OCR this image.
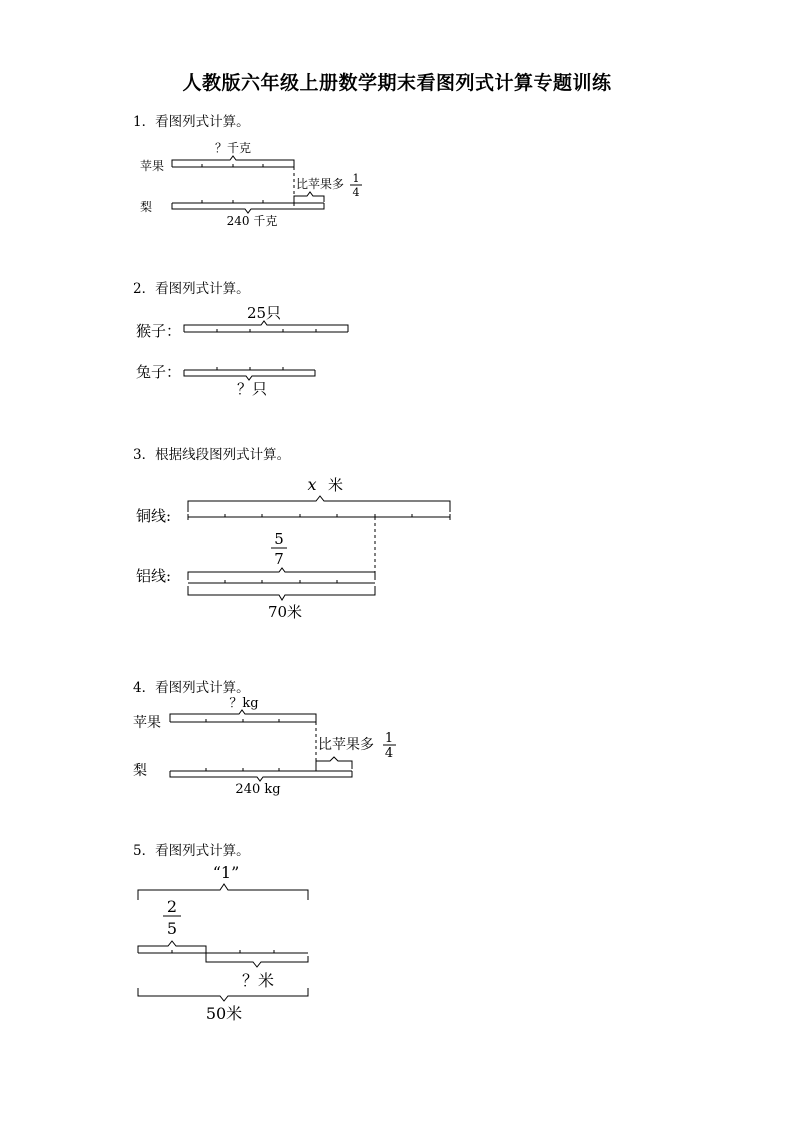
人教版六年级上册数学期末看图列式计算专题训练
1．看图列式计算。
苹果
梨
？千克
比苹果多 1
4
240 千克
2．看图列式计算。
猴子：
兔子：
25只
？只
3．根据线段图列式计算。
铜线:
铝线:
x 米
5
7
70米
4．看图列式计算。
苹果
梨
？kg
比苹果多 1
4
240 kg
5．看图列式计算。
“1”
2
5
？米
50米
